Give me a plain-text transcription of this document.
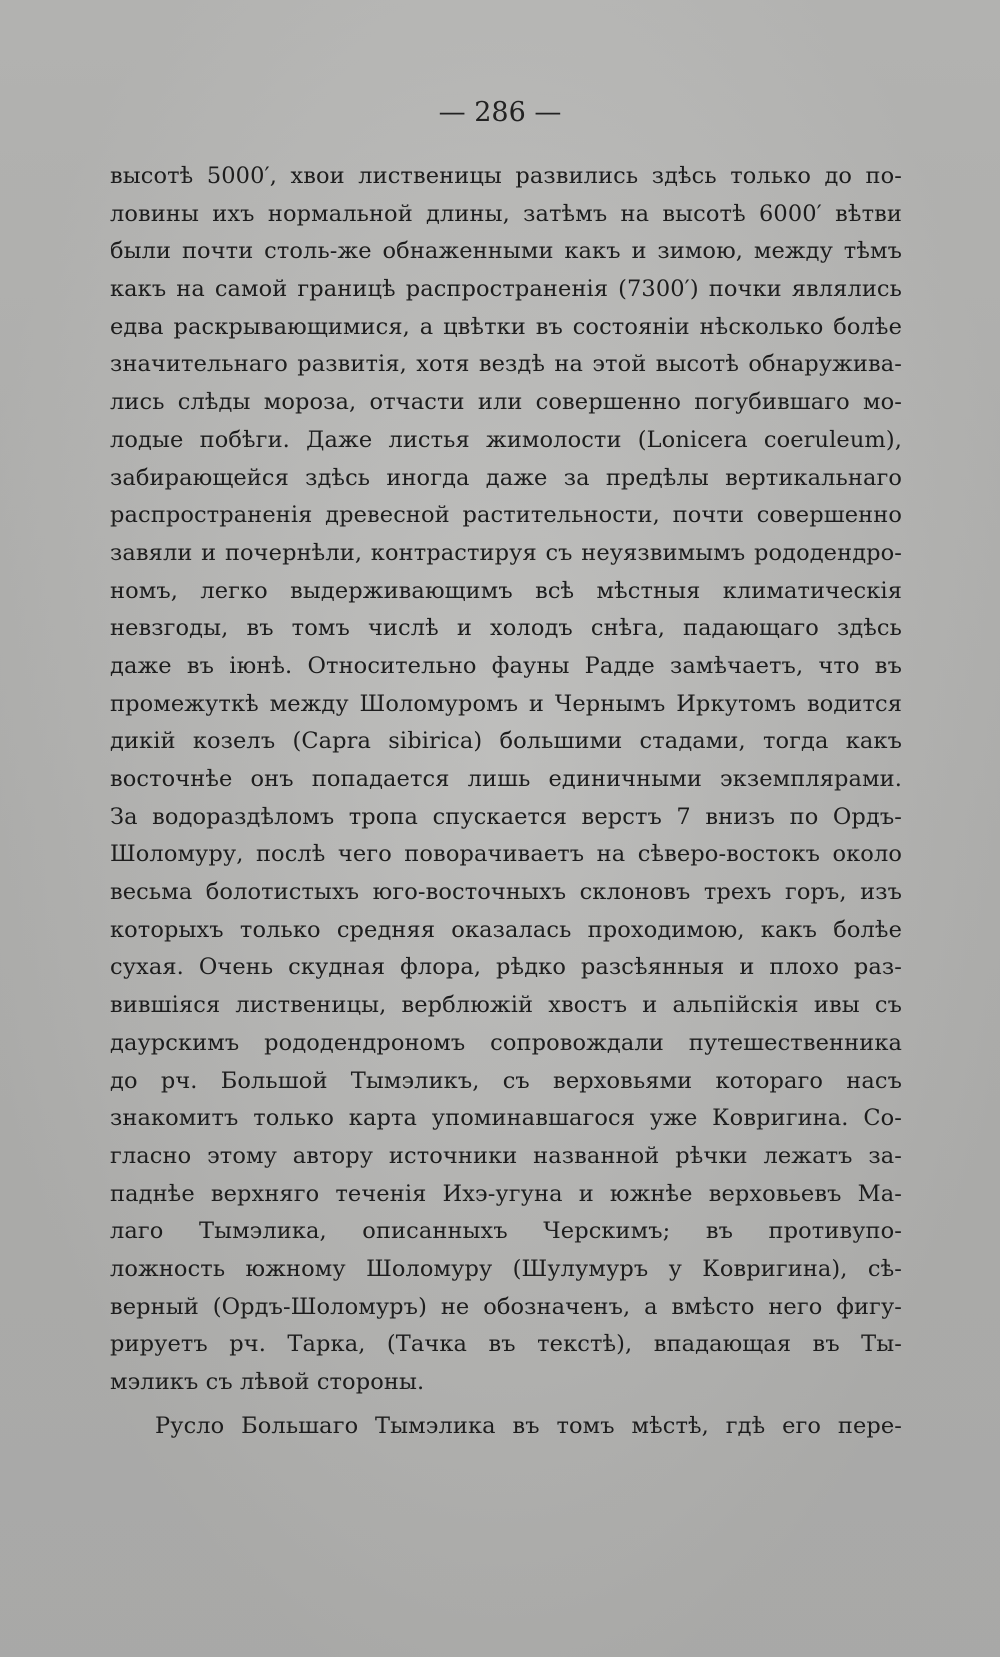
— 286 —
высотѣ 5000′, хвои лиственицы развились здѣсь только до по-
ловины ихъ нормальной длины, затѣмъ на высотѣ 6000′ вѣтви
были почти столь-же обнаженными какъ и зимою, между тѣмъ
какъ на самой границѣ распространенія (7300′) почки являлись
едва раскрывающимися, а цвѣтки въ состояніи нѣсколько болѣе
значительнаго развитія, хотя вездѣ на этой высотѣ обнаружива-
лись слѣды мороза, отчасти или совершенно погубившаго мо-
лодые побѣги. Даже листья жимолости (Lonicera coeruleum),
забирающейся здѣсь иногда даже за предѣлы вертикальнаго
распространенія древесной растительности, почти совершенно
завяли и почернѣли, контрастируя съ неуязвимымъ рододендро-
номъ, легко выдерживающимъ всѣ мѣстныя климатическія
невзгоды, въ томъ числѣ и холодъ снѣга, падающаго здѣсь
даже въ іюнѣ. Относительно фауны Радде замѣчаетъ, что въ
промежуткѣ между Шоломуромъ и Чернымъ Иркутомъ водится
дикій козелъ (Capra sibirica) большими стадами, тогда какъ
восточнѣе онъ попадается лишь единичными экземплярами.
За водораздѣломъ тропа спускается верстъ 7 внизъ по Ордъ-
Шоломуру, послѣ чего поворачиваетъ на сѣверо-востокъ около
весьма болотистыхъ юго-восточныхъ склоновъ трехъ горъ, изъ
которыхъ только средняя оказалась проходимою, какъ болѣе
сухая. Очень скудная флора, рѣдко разсѣянныя и плохо раз-
вившіяся лиственицы, верблюжій хвостъ и альпійскія ивы съ
даурскимъ рододендрономъ сопровождали путешественника
до рч. Большой Тымэликъ, съ верховьями котораго насъ
знакомитъ только карта упоминавшагося уже Ковригина. Со-
гласно этому автору источники названной рѣчки лежатъ за-
паднѣе верхняго теченія Ихэ-угуна и южнѣе верховьевъ Ма-
лаго Тымэлика, описанныхъ Черскимъ; въ противупо-
ложность южному Шоломуру (Шулумуръ у Ковригина), сѣ-
верный (Ордъ-Шоломуръ) не обозначенъ, а вмѣсто него фигу-
рируетъ рч. Тарка, (Тачка въ текстѣ), впадающая въ Ты-
мэликъ съ лѣвой стороны.
Русло Большаго Тымэлика въ томъ мѣстѣ, гдѣ его пере-
